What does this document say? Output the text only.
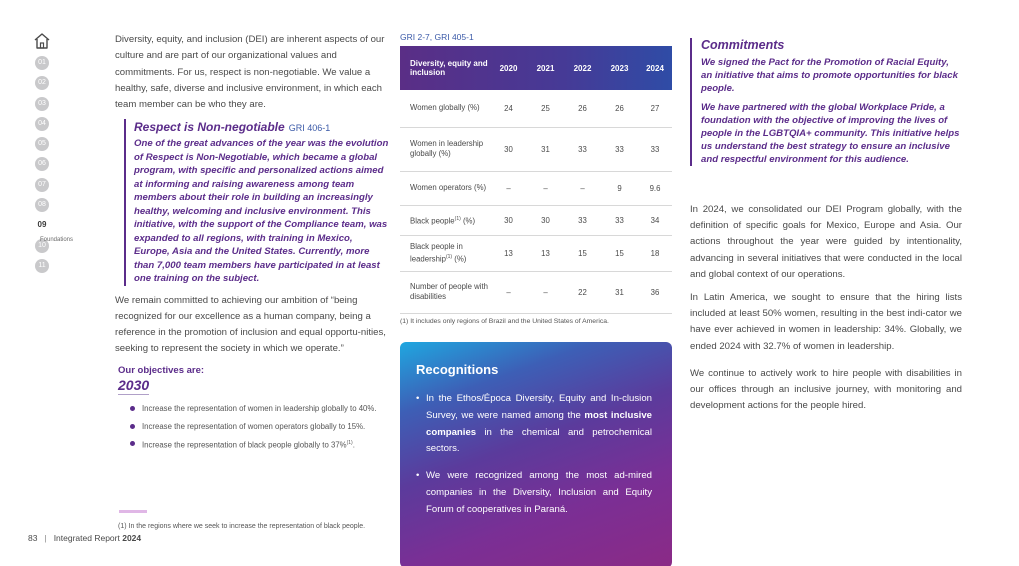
01
02
03
04
05
06
07
08
09
10
11
Foundations

Diversity, equity, and inclusion (DEI) are inherent aspects of our culture and are part of our organizational values and commitments. For us, respect is non-negotiable. We value a healthy, safe, diverse and inclusive environment, in which each team member can be who they are.

Respect is Non-negotiable GRI 406-1

One of the great advances of the year was the evolution of Respect is Non-Negotiable, which became a global program, with specific and personalized actions aimed at informing and raising awareness among team members about their role in building an increasingly healthy, welcoming and inclusive environment. This initiative, with the support of the Compliance team, was expanded to all regions, with training in Mexico, Europe, Asia and the United States. Currently, more than 7,000 team members have participated in at least one training on the subject.

We remain committed to achieving our ambition of “being recognized for our excellence as a human company, being a reference in the promotion of inclusion and equal opportu-nities, seeking to represent the society in which we operate.”

Our objectives are:
2030
Increase the representation of women in leadership globally to 40%.
Increase the representation of women operators globally to 15%.
Increase the representation of black people globally to 37%$^{(1)}$.
(1) In the regions where we seek to increase the representation of black people.
GRI 2-7, GRI 405-1
Diversity, equity and inclusion	2020	2021	2022	2023	2024
Women globally (%)	24	25	26	26	27
Women in leadership globally (%)	30	31	33	33	33
Women operators (%)	–	–	–	9	9.6
Black people$^{(1)}$ (%)	30	30	33	33	34
Black people in leadership$^{(1)}$ (%)	13	13	15	15	18
Number of people with disabilities	–	–	22	31	36
(1) It includes only regions of Brazil and the United States of America.
Recognitions

• In the Ethos/Época Diversity, Equity and In-clusion Survey, we were named among the most inclusive companies in the chemical and petrochemical sectors.

• We were recognized among the most ad-mired companies in the Diversity, Inclusion and Equity Forum of cooperatives in Paraná.

Commitments

We signed the Pact for the Promotion of Racial Equity, an initiative that aims to promote opportunities for black people.

We have partnered with the global Workplace Pride, a foundation with the objective of improving the lives of people in the LGBTQIA+ community. This initiative helps us understand the best strategy to ensure an inclusive and respectful environment for this audience.

In 2024, we consolidated our DEI Program globally, with the definition of specific goals for Mexico, Europe and Asia. Our actions throughout the year were guided by intentionality, advancing in several initiatives that were conducted in the local and global context of our operations.

In Latin America, we sought to ensure that the hiring lists included at least 50% women, resulting in the best indi-cator we have ever achieved in women in leadership: 34%. Globally, we ended 2024 with 32.7% of women in leadership.

We continue to actively work to hire people with disabilities in our offices through an inclusive journey, with monitoring and development actions for the people hired.

83 | Integrated Report 2024
